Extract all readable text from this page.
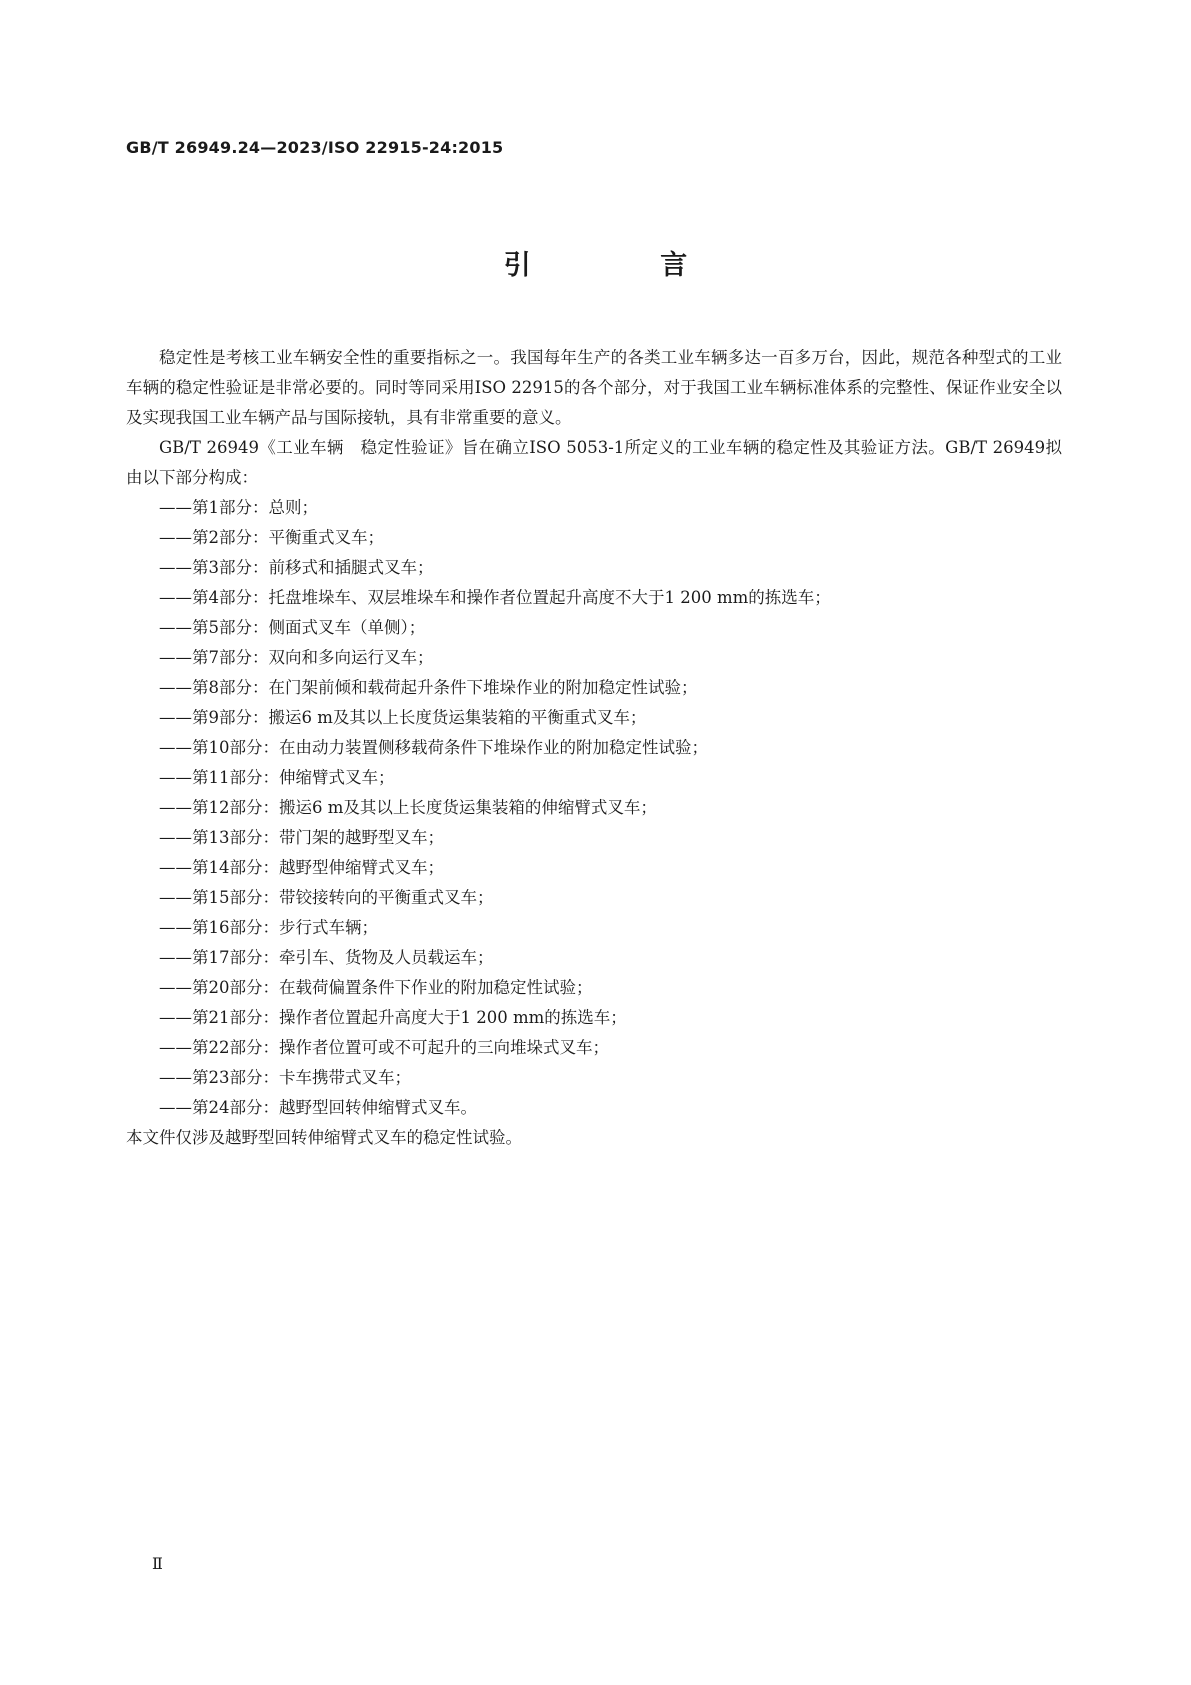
GB/T 26949.24—2023/ISO 22915-24:2015
引 言

稳定性是考核工业车辆安全性的重要指标之一。我国每年生产的各类工业车辆多达一百多万台，因此，规范各种型式的工业车辆的稳定性验证是非常必要的。同时等同采用ISO 22915的各个部分，对于我国工业车辆标准体系的完整性、保证作业安全以及实现我国工业车辆产品与国际接轨，具有非常重要的意义。

GB/T 26949《工业车辆　稳定性验证》旨在确立ISO 5053-1所定义的工业车辆的稳定性及其验证方法。GB/T 26949拟由以下部分构成：

——第1部分：总则；
——第2部分：平衡重式叉车；
——第3部分：前移式和插腿式叉车；
——第4部分：托盘堆垛车、双层堆垛车和操作者位置起升高度不大于1 200 mm的拣选车；
——第5部分：侧面式叉车（单侧）；
——第7部分：双向和多向运行叉车；
——第8部分：在门架前倾和载荷起升条件下堆垛作业的附加稳定性试验；
——第9部分：搬运6 m及其以上长度货运集装箱的平衡重式叉车；
——第10部分：在由动力装置侧移载荷条件下堆垛作业的附加稳定性试验；
——第11部分：伸缩臂式叉车；
——第12部分：搬运6 m及其以上长度货运集装箱的伸缩臂式叉车；
——第13部分：带门架的越野型叉车；
——第14部分：越野型伸缩臂式叉车；
——第15部分：带铰接转向的平衡重式叉车；
——第16部分：步行式车辆；
——第17部分：牵引车、货物及人员载运车；
——第20部分：在载荷偏置条件下作业的附加稳定性试验；
——第21部分：操作者位置起升高度大于1 200 mm的拣选车；
——第22部分：操作者位置可或不可起升的三向堆垛式叉车；
——第23部分：卡车携带式叉车；
——第24部分：越野型回转伸缩臂式叉车。

本文件仅涉及越野型回转伸缩臂式叉车的稳定性试验。

Ⅱ
